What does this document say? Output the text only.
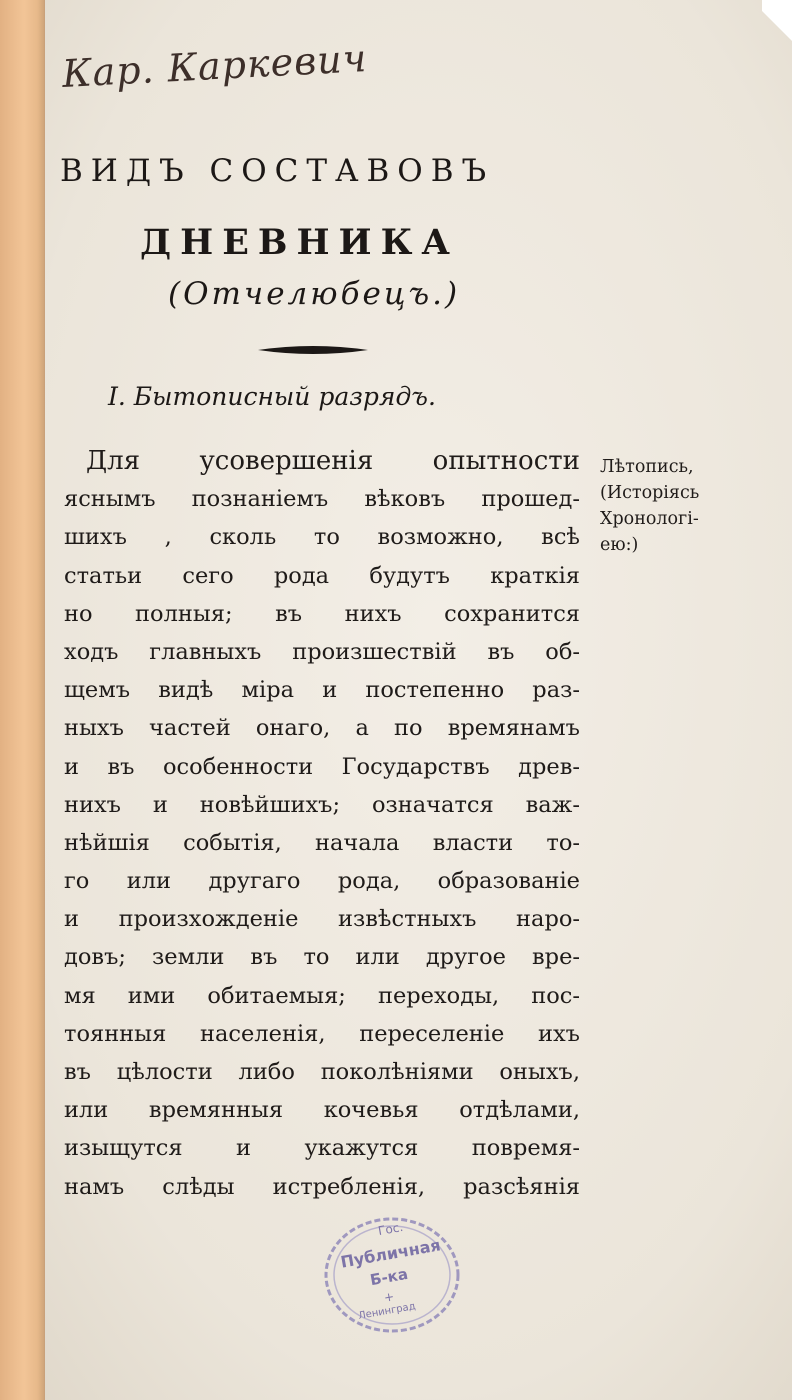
Кар. Каркевич
ВИДЪ СОСТАВОВЪ
ДНЕВНИКА
(Отчелюбецъ.)
I. Бытописный разрядъ.
Для усовершенія опытности
яснымъ познаніемъ вѣковъ прошед-
шихъ , сколь то возможно, всѣ
статьи сего рода будутъ краткія
но полныя; въ нихъ сохранится
ходъ главныхъ произшествій въ об-
щемъ видѣ міра и постепенно раз-
ныхъ частей онаго, а по времянамъ
и въ особенности Государствъ древ-
нихъ и новѣйшихъ; означатся важ-
нѣйшія событія, начала власти то-
го или другаго рода, образованіе
и произхожденіе извѣстныхъ наро-
довъ; земли въ то или другое вре-
мя ими обитаемыя; переходы, пос-
тоянныя населенія, переселеніе ихъ
въ цѣлости либо поколѣніями оныхъ,
или времянныя кочевья отдѣлами,
изыщутся и укажутся повремя-
намъ слѣды истребленія, разсѣянія
Лѣтопись,
(Исторіясь
Хронологі-
ею:)
Гос.
Публичная
Б-ка
+
Ленинград
